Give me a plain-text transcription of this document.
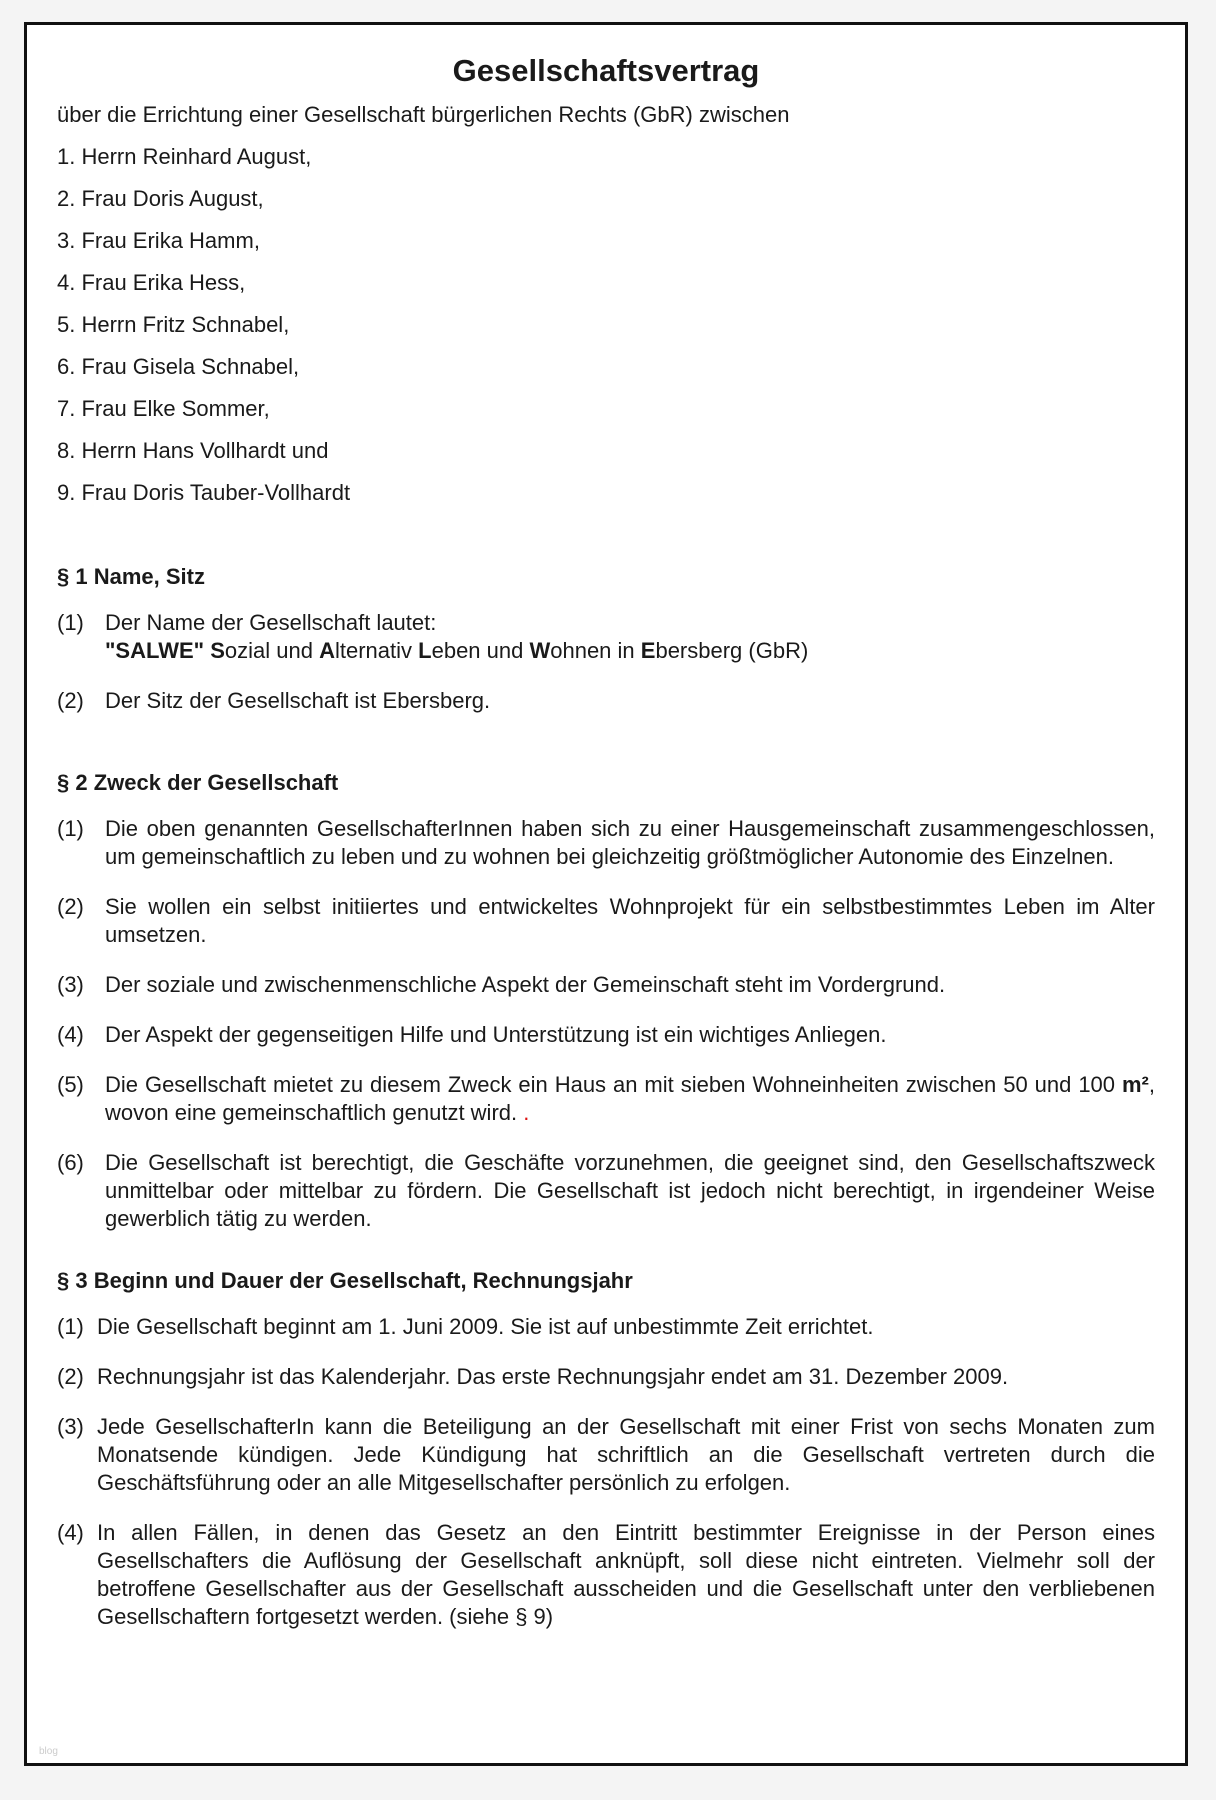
Gesellschaftsvertrag

über die Errichtung einer Gesellschaft bürgerlichen Rechts (GbR) zwischen

1. Herrn Reinhard August,

2. Frau Doris August,

3. Frau Erika Hamm,

4. Frau Erika Hess,

5. Herrn Fritz Schnabel,

6. Frau Gisela Schnabel,

7. Frau Elke Sommer,

8. Herrn Hans Vollhardt und

9. Frau Doris Tauber-Vollhardt

§ 1 Name, Sitz
(1) Der Name der Gesellschaft lautet:
"SALWE" Sozial und Alternativ Leben und Wohnen in Ebersberg (GbR)
(2) Der Sitz der Gesellschaft ist Ebersberg.
§ 2 Zweck der Gesellschaft
(1) Die oben genannten GesellschafterInnen haben sich zu einer Hausgemeinschaft zusammengeschlossen, um gemeinschaftlich zu leben und zu wohnen bei gleichzeitig größtmöglicher Autonomie des Einzelnen.
(2) Sie wollen ein selbst initiiertes und entwickeltes Wohnprojekt für ein selbstbestimmtes Leben im Alter umsetzen.
(3) Der soziale und zwischenmenschliche Aspekt der Gemeinschaft steht im Vordergrund.
(4) Der Aspekt der gegenseitigen Hilfe und Unterstützung ist ein wichtiges Anliegen.
(5) Die Gesellschaft mietet zu diesem Zweck ein Haus an mit sieben Wohneinheiten zwischen 50 und 100 m², wovon eine gemeinschaftlich genutzt wird. .
(6) Die Gesellschaft ist berechtigt, die Geschäfte vorzunehmen, die geeignet sind, den Gesellschaftszweck unmittelbar oder mittelbar zu fördern. Die Gesellschaft ist jedoch nicht berechtigt, in irgendeiner Weise gewerblich tätig zu werden.
§ 3 Beginn und Dauer der Gesellschaft, Rechnungsjahr
(1) Die Gesellschaft beginnt am 1. Juni 2009. Sie ist auf unbestimmte Zeit errichtet.
(2) Rechnungsjahr ist das Kalenderjahr. Das erste Rechnungsjahr endet am 31. Dezember 2009.
(3) Jede GesellschafterIn kann die Beteiligung an der Gesellschaft mit einer Frist von sechs Monaten zum Monatsende kündigen. Jede Kündigung hat schriftlich an die Gesellschaft vertreten durch die Geschäftsführung oder an alle Mitgesellschafter persönlich zu erfolgen.
(4) In allen Fällen, in denen das Gesetz an den Eintritt bestimmter Ereignisse in der Person eines Gesellschafters die Auflösung der Gesellschaft anknüpft, soll diese nicht eintreten. Vielmehr soll der betroffene Gesellschafter aus der Gesellschaft ausscheiden und die Gesellschaft unter den verbliebenen Gesellschaftern fortgesetzt werden. (siehe § 9)
blog
